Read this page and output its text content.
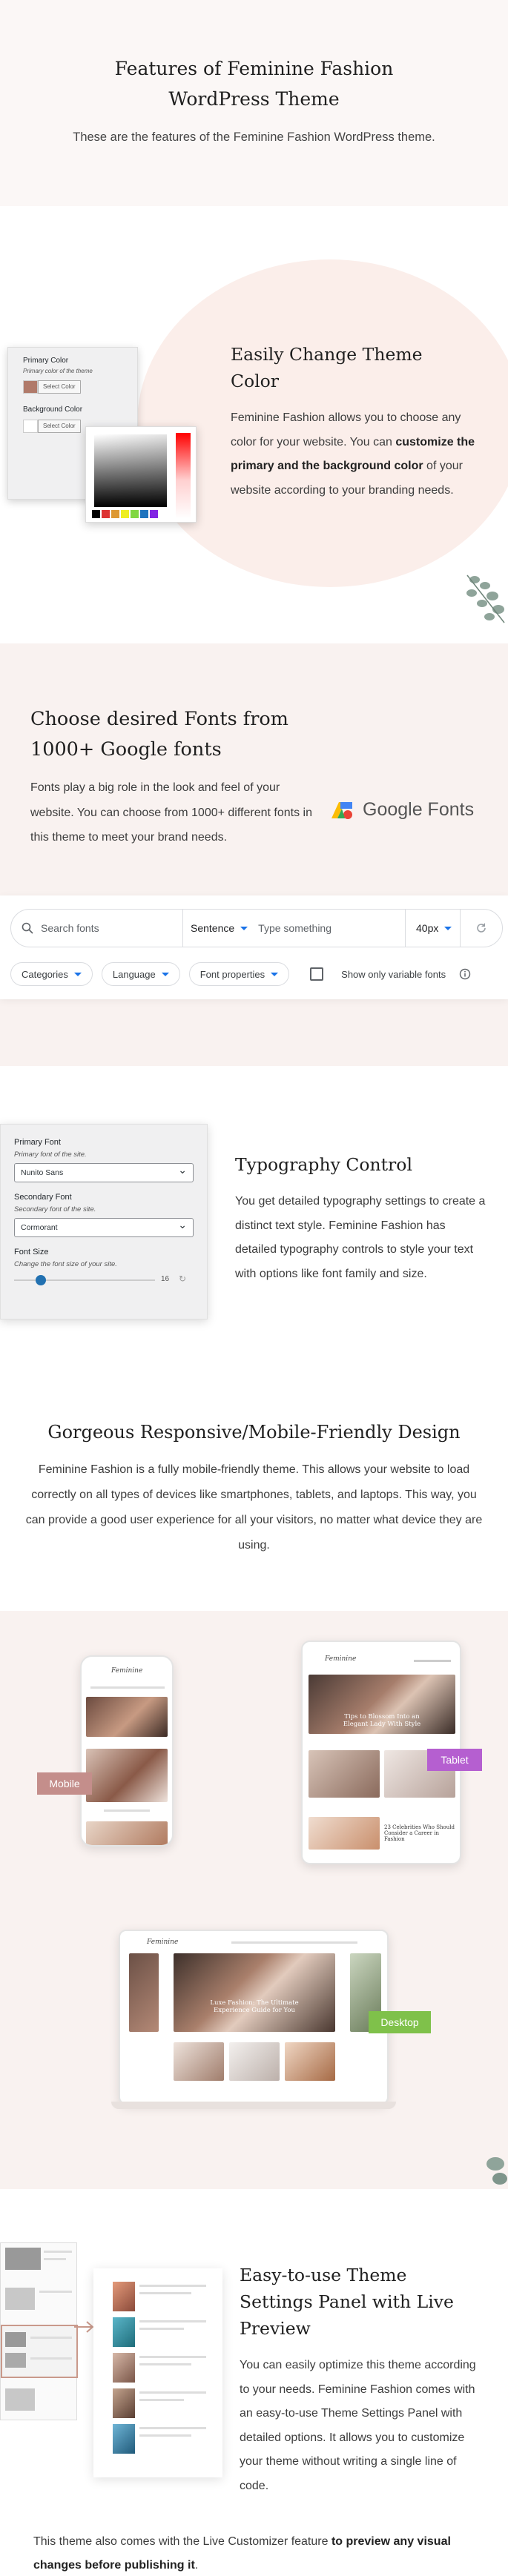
Features of Feminine Fashion
WordPress Theme

These are the features of the Feminine Fashion WordPress theme.

Primary Color
Primary color of the theme
Select Color
Background Color
Select Color
Easily Change Theme Color

Feminine Fashion allows you to choose any color for your website. You can customize the primary and the background color of your website according to your branding needs.

Choose desired Fonts from 1000+ Google fonts

Fonts play a big role in the look and feel of your website. You can choose from 1000+ different fonts in this theme to meet your brand needs.

Google Fonts
Search fonts	Sentence Type something	40px
Categories	Language	Font properties	Show only variable fonts
Primary Font
Primary font of the site.
Nunito Sans ⌄
Secondary Font
Secondary font of the site.
Cormorant ⌄
Font Size
Change the font size of your site.
16 ↻
Typography Control

You get detailed typography settings to create a distinct text style. Feminine Fashion has detailed typography controls to style your text with options like font family and size.

Gorgeous Responsive/Mobile-Friendly Design

Feminine Fashion is a fully mobile-friendly theme. This allows your website to load correctly on all types of devices like smartphones, tablets, and laptops. This way, you can provide a good user experience for all your visitors, no matter what device they are using.

Feminine
Mobile
Feminine
Tips to Blossom Into an Elegant Lady With Style
23 Celebrities Who Should Consider a Career in Fashion
Tablet
Feminine
Luxe Fashion: The Ultimate Experience Guide for You
Desktop
Easy-to-use Theme Settings Panel with Live Preview

You can easily optimize this theme according to your needs. Feminine Fashion comes with an easy-to-use Theme Settings Panel with detailed options. It allows you to customize your theme without writing a single line of code.

This theme also comes with the Live Customizer feature to preview any visual changes before publishing it.
